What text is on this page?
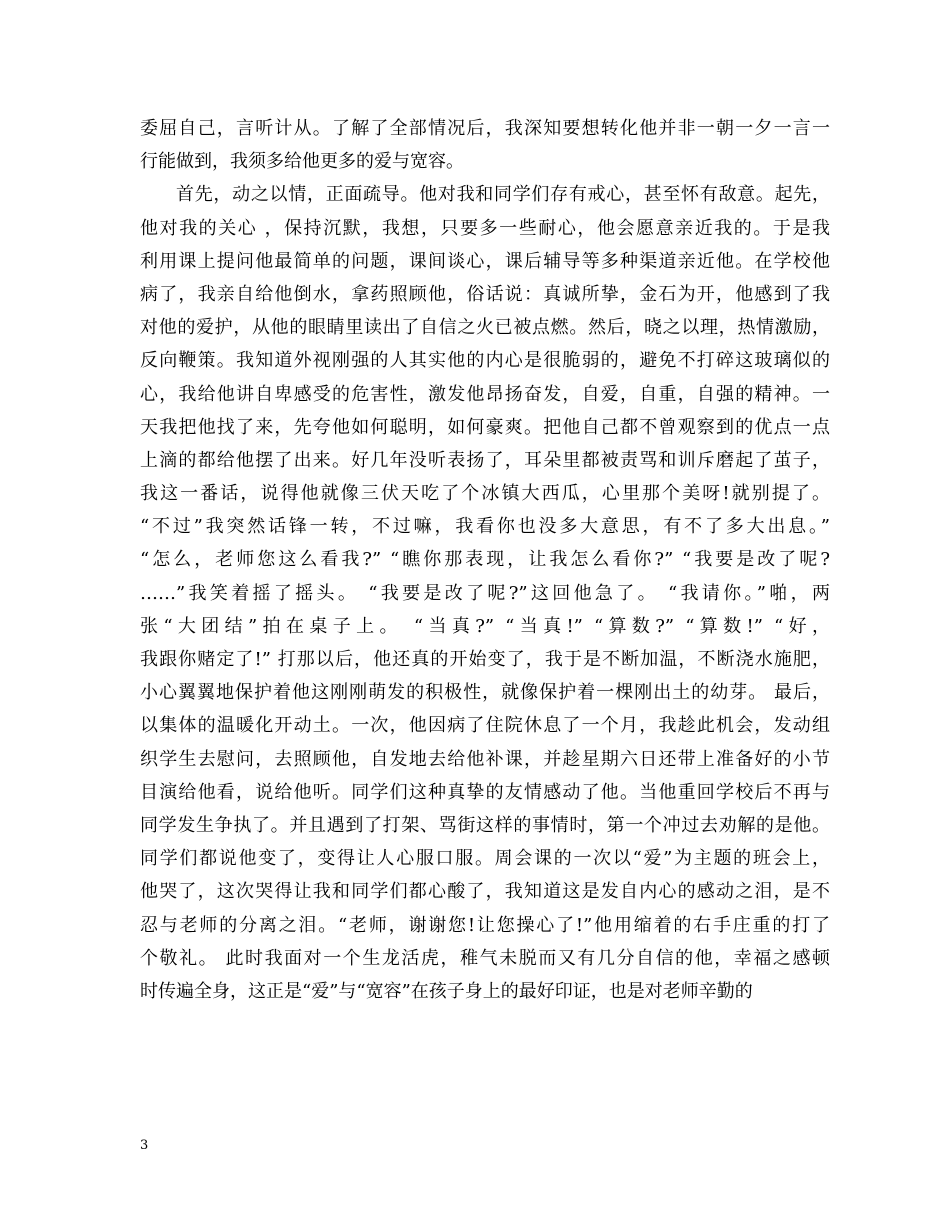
委屈自己，言听计从。了解了全部情况后，我深知要想转化他并非一朝一夕一言一
行能做到，我须多给他更多的爱与宽容。
首先，动之以情，正面疏导。他对我和同学们存有戒心，甚至怀有敌意。起先，
他对我的关心 ，保持沉默，我想，只要多一些耐心，他会愿意亲近我的。于是我
利用课上提问他最简单的问题，课间谈心，课后辅导等多种渠道亲近他。在学校他
病了，我亲自给他倒水，拿药照顾他，俗话说：真诚所挚，金石为开，他感到了我
对他的爱护，从他的眼睛里读出了自信之火已被点燃。然后，晓之以理，热情激励，
反向鞭策。我知道外视刚强的人其实他的内心是很脆弱的，避免不打碎这玻璃似的
心，我给他讲自卑感受的危害性，激发他昂扬奋发，自爱，自重，自强的精神。一
天我把他找了来，先夸他如何聪明，如何豪爽。把他自己都不曾观察到的优点一点
上滴的都给他摆了出来。好几年没听表扬了，耳朵里都被责骂和训斥磨起了茧子，
我这一番话，说得他就像三伏天吃了个冰镇大西瓜，心里那个美呀!就别提了。
“不过”我突然话锋一转，不过嘛，我看你也没多大意思，有不了多大出息。”
“怎么，老师您这么看我?” “瞧你那表现，让我怎么看你?” “我要是改了呢?
……”我笑着摇了摇头。 “我要是改了呢?”这回他急了。 “我请你。”啪，两
张“大团结”拍在桌子上。 “当真?” “当真!” “算数?” “算数!” “好，
我跟你赌定了!” 打那以后，他还真的开始变了，我于是不断加温，不断浇水施肥，
小心翼翼地保护着他这刚刚萌发的积极性，就像保护着一棵刚出土的幼芽。 最后，
以集体的温暖化开动土。一次，他因病了住院休息了一个月，我趁此机会，发动组
织学生去慰问，去照顾他，自发地去给他补课，并趁星期六日还带上准备好的小节
目演给他看，说给他听。同学们这种真挚的友情感动了他。当他重回学校后不再与
同学发生争执了。并且遇到了打架、骂街这样的事情时，第一个冲过去劝解的是他。
同学们都说他变了，变得让人心服口服。周会课的一次以“爱”为主题的班会上，
他哭了，这次哭得让我和同学们都心酸了，我知道这是发自内心的感动之泪，是不
忍与老师的分离之泪。“老师，谢谢您!让您操心了!”他用缩着的右手庄重的打了
个敬礼。 此时我面对一个生龙活虎，稚气未脱而又有几分自信的他，幸福之感顿
时传遍全身，这正是“爱”与“宽容”在孩子身上的最好印证，也是对老师辛勤的
3
